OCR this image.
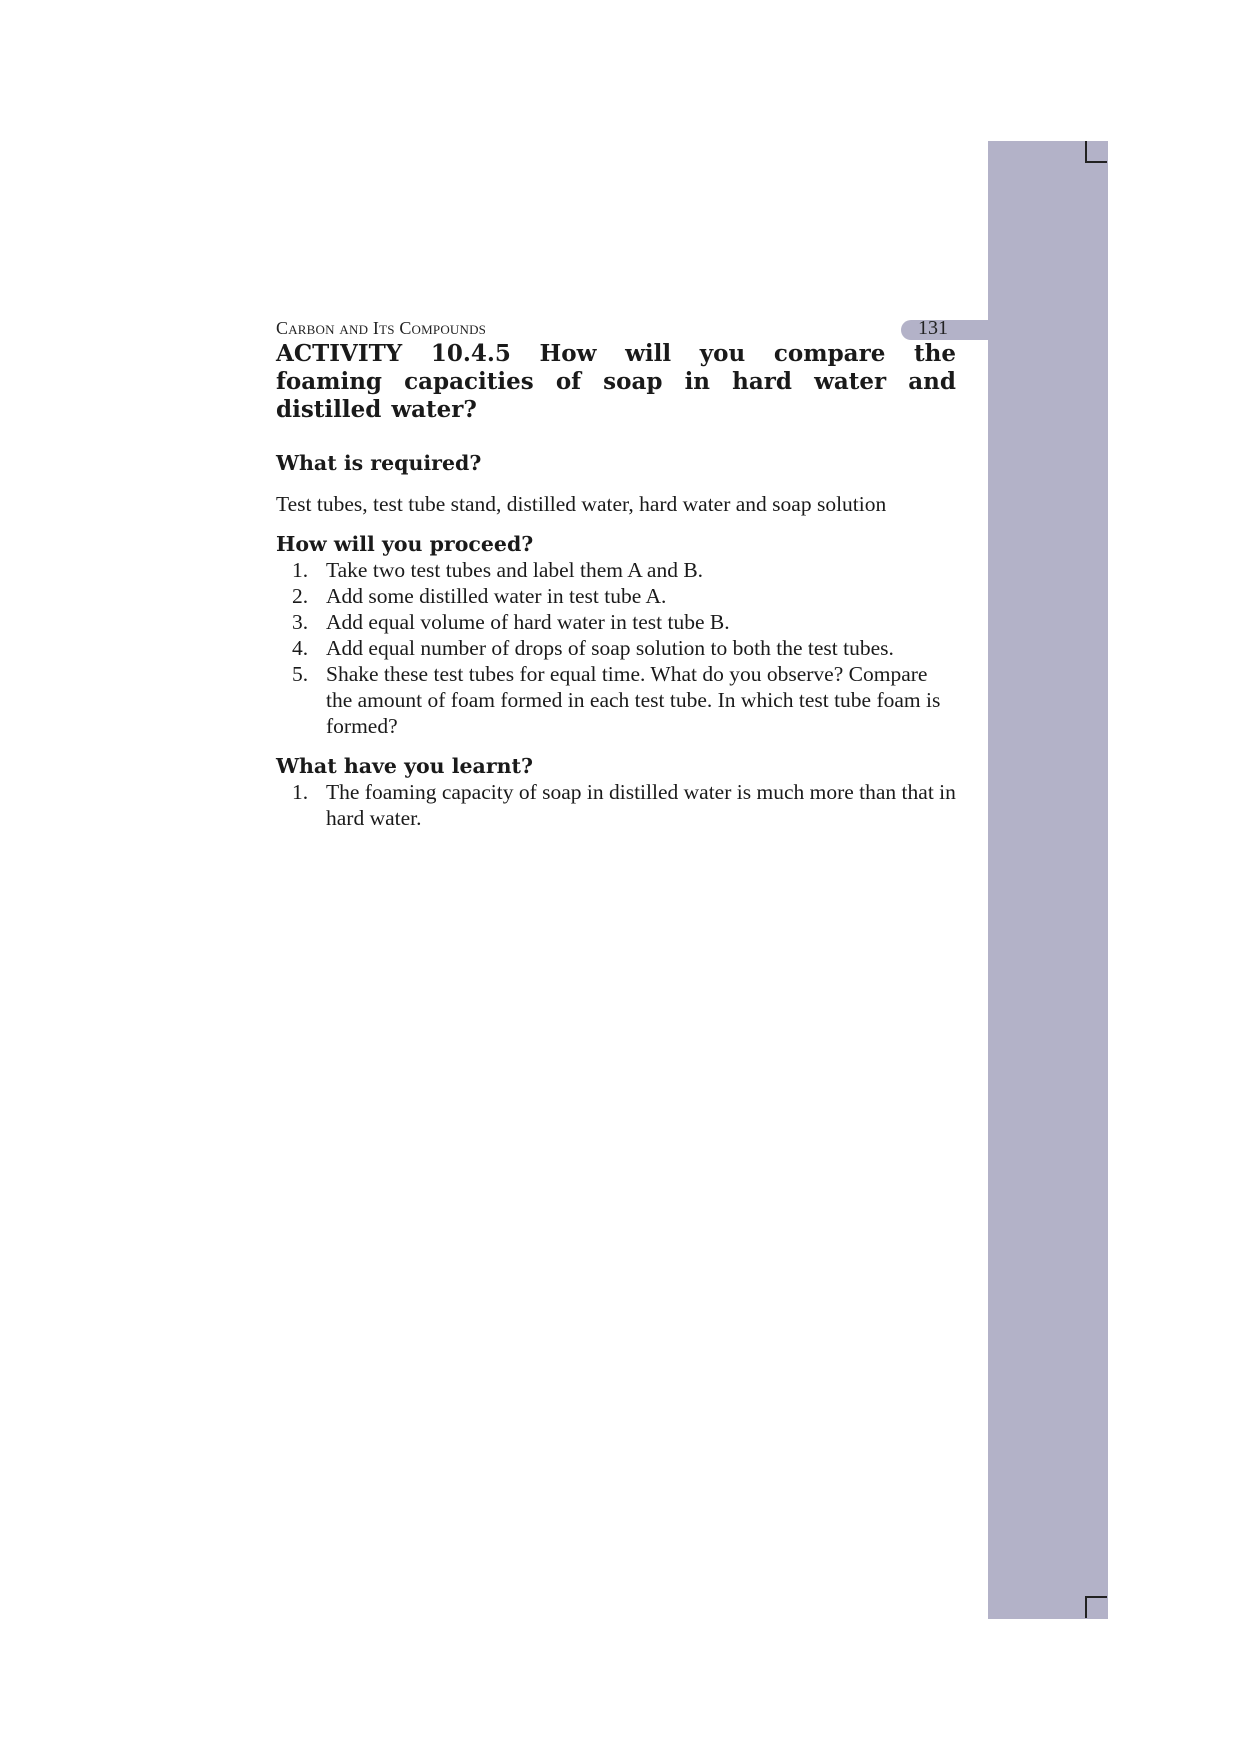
Carbon and Its Compounds	131

ACTIVITY 10.4.5 How will you compare the foaming capacities of soap in hard water and distilled water?

What is required?

Test tubes, test tube stand, distilled water, hard water and soap solution

How will you proceed?

1. Take two test tubes and label them A and B.
2. Add some distilled water in test tube A.
3. Add equal volume of hard water in test tube B.
4. Add equal number of drops of soap solution to both the test tubes.
5. Shake these test tubes for equal time. What do you observe? Compare the amount of foam formed in each test tube. In which test tube foam is formed?

What have you learnt?

1. The foaming capacity of soap in distilled water is much more than that in hard water.
